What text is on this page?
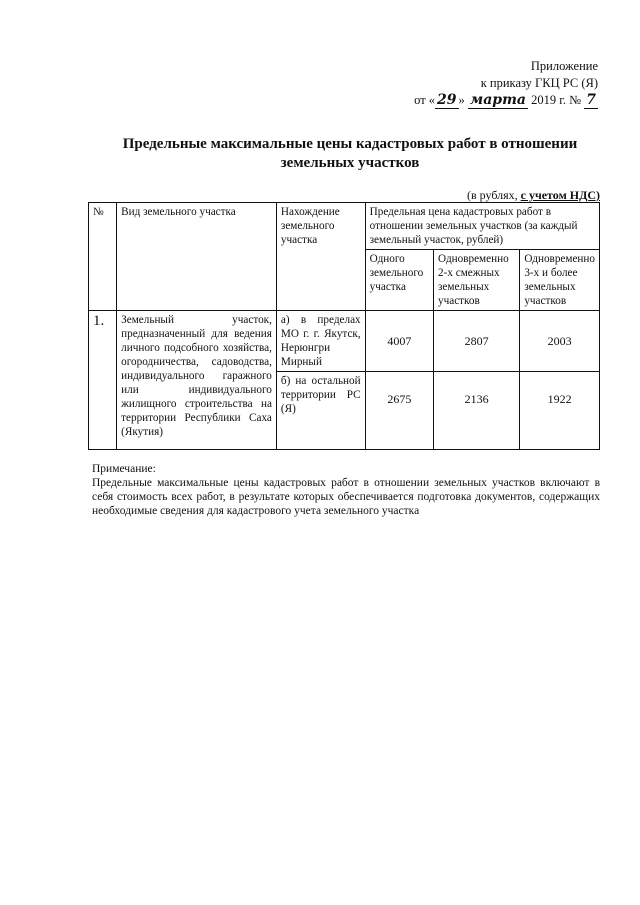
Приложение
к приказу ГКЦ РС (Я)
от « 29 » марта 2019 г. № 7
Предельные максимальные цены кадастровых работ в отношении
земельных участков
(в рублях, с учетом НДС)
№	Вид земельного участка	Нахождение земельного участка	Предельная цена кадастровых работ в отношении земельных участков (за каждый земельный участок, рублей)		
			Одного земельного участка	Одновременно 2-х смежных земельных участков	Одновременно 3-х и более земельных участков
1.	Земельный участок, предназначенный для ведения личного подсобного хозяйства, огородничества, садоводства, индивидуального гаражного или индивидуального жилищного строительства на территории Республики Саха (Якутия)	а) в пределах МО г. г. Якутск, Нерюнгри Мирный	4007	2807	2003
		б) на остальной территории РС (Я)	2675	2136	1922
Примечание:
Предельные максимальные цены кадастровых работ в отношении земельных участков включают в себя стоимость всех работ, в результате которых обеспечивается подготовка документов, содержащих необходимые сведения для кадастрового учета земельного участка
